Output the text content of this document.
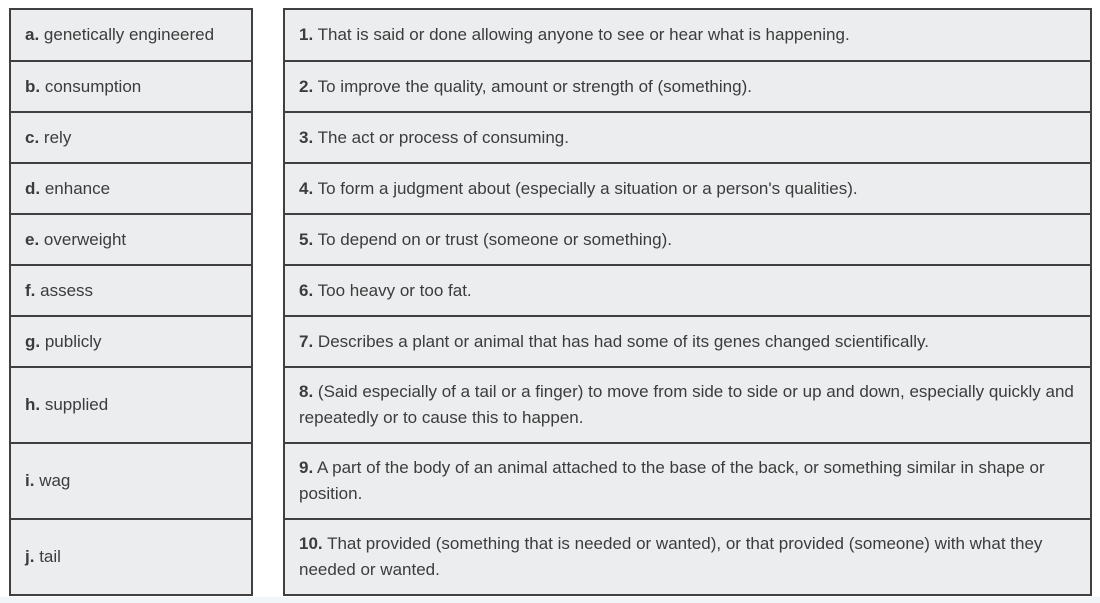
a. genetically engineered

b. consumption

c. rely

d. enhance

e. overweight

f. assess

g. publicly

h. supplied

i. wag

j. tail

1. That is said or done allowing anyone to see or hear what is happening.

2. To improve the quality, amount or strength of (something).

3. The act or process of consuming.

4. To form a judgment about (especially a situation or a person's qualities).

5. To depend on or trust (someone or something).

6. Too heavy or too fat.

7. Describes a plant or animal that has had some of its genes changed scientifically.

8. (Said especially of a tail or a finger) to move from side to side or up and down, especially quickly and repeatedly or to cause this to happen.

9. A part of the body of an animal attached to the base of the back, or something similar in shape or position.

10. That provided (something that is needed or wanted), or that provided (someone) with what they needed or wanted.
